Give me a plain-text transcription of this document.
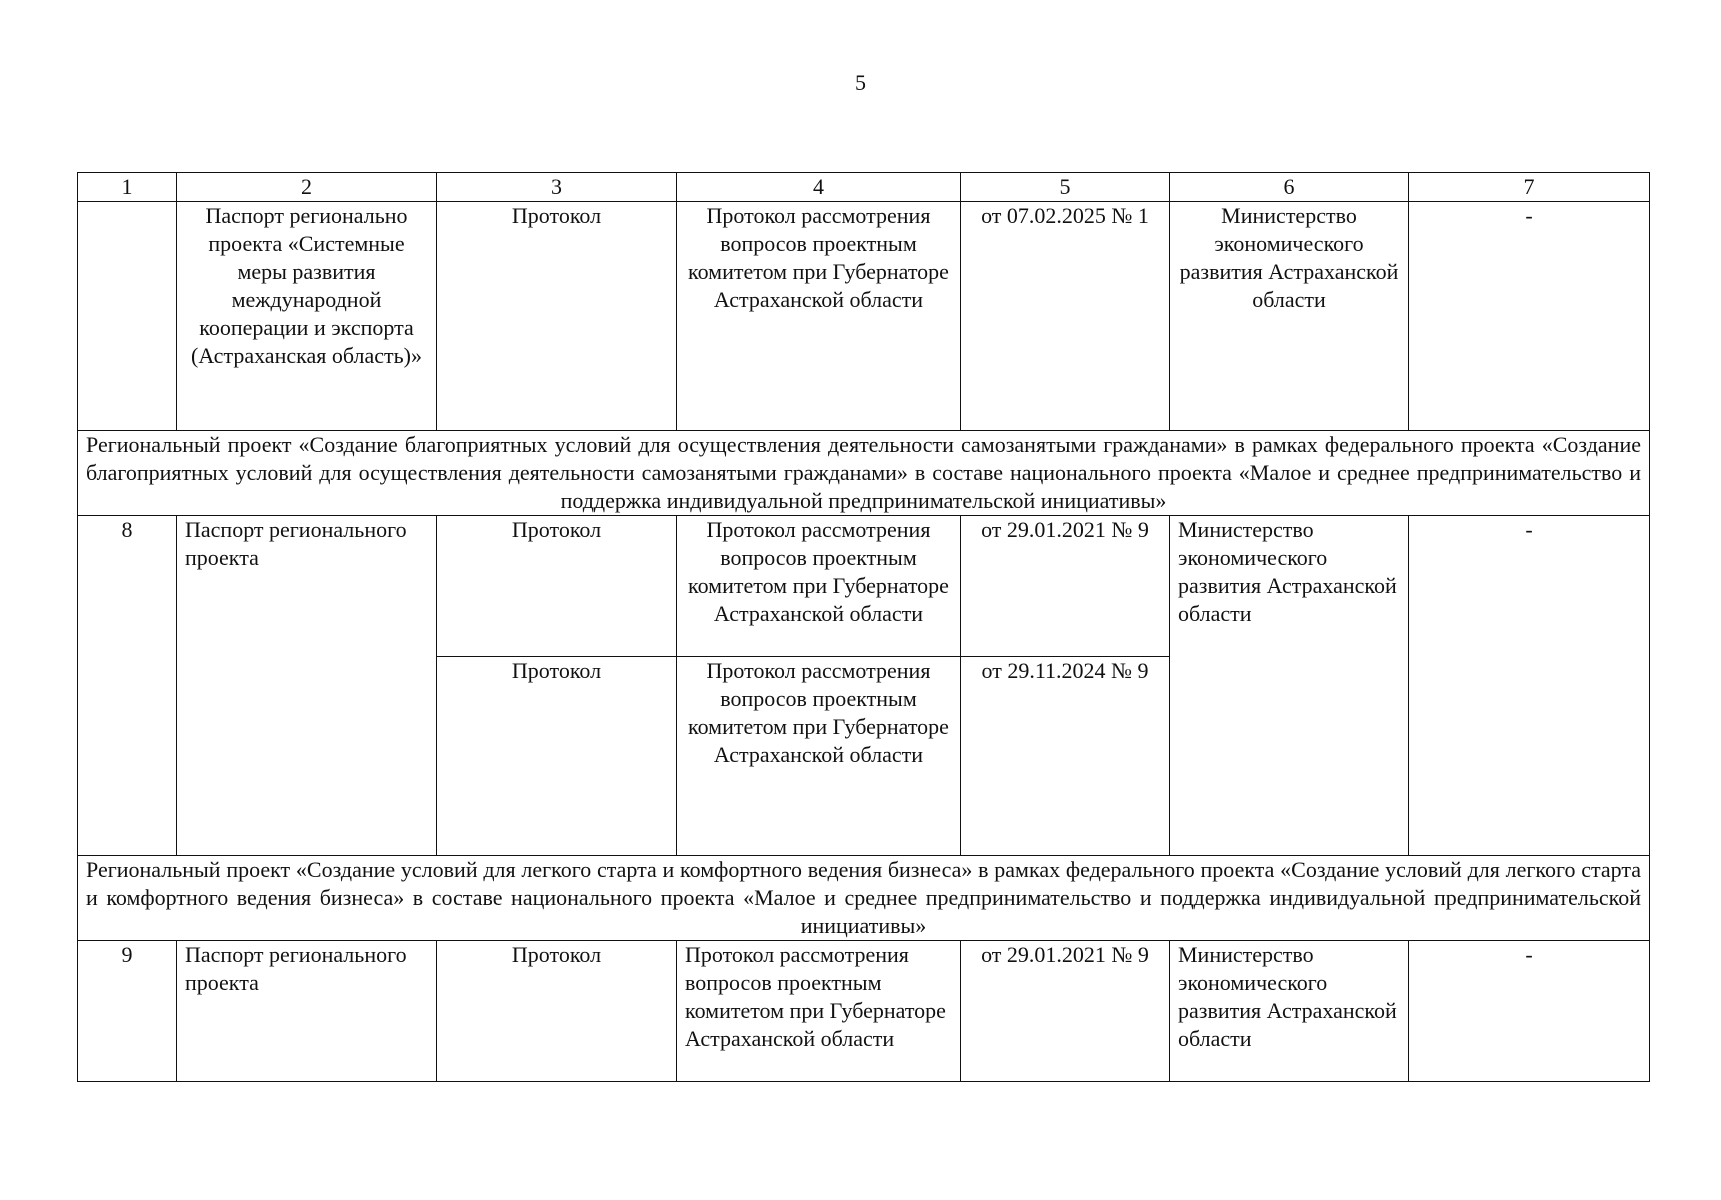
5
1	2	3	4	5	6	7
	Паспорт регионально проекта «Системные меры развития международной кооперации и экспорта (Астраханская область)»	Протокол	Протокол рассмотрения вопросов проектным комитетом при Губернаторе Астраханской области	от 07.02.2025 № 1	Министерство экономического развития Астраханской области	-
Региональный проект «Создание благоприятных условий для осуществления деятельности самозанятыми гражданами» в рамках федерального проекта «Создание благоприятных условий для осуществления деятельности самозанятыми гражданами» в составе национального проекта «Малое и среднее предпринимательство и поддержка индивидуальной предпринимательской инициативы»						
8	Паспорт регионального проекта	Протокол	Протокол рассмотрения вопросов проектным комитетом при Губернаторе Астраханской области	от 29.01.2021 № 9	Министерство экономического развития Астраханской области	-
		Протокол	Протокол рассмотрения вопросов проектным комитетом при Губернаторе Астраханской области	от 29.11.2024 № 9		
Региональный проект «Создание условий для легкого старта и комфортного ведения бизнеса» в рамках федерального проекта «Создание условий для легкого старта и комфортного ведения бизнеса» в составе национального проекта «Малое и среднее предпринимательство и поддержка индивидуальной предпринимательской инициативы»						
9	Паспорт регионального проекта	Протокол	Протокол рассмотрения вопросов проектным комитетом при Губернаторе Астраханской области	от 29.01.2021 № 9	Министерство экономического развития Астраханской области	-
